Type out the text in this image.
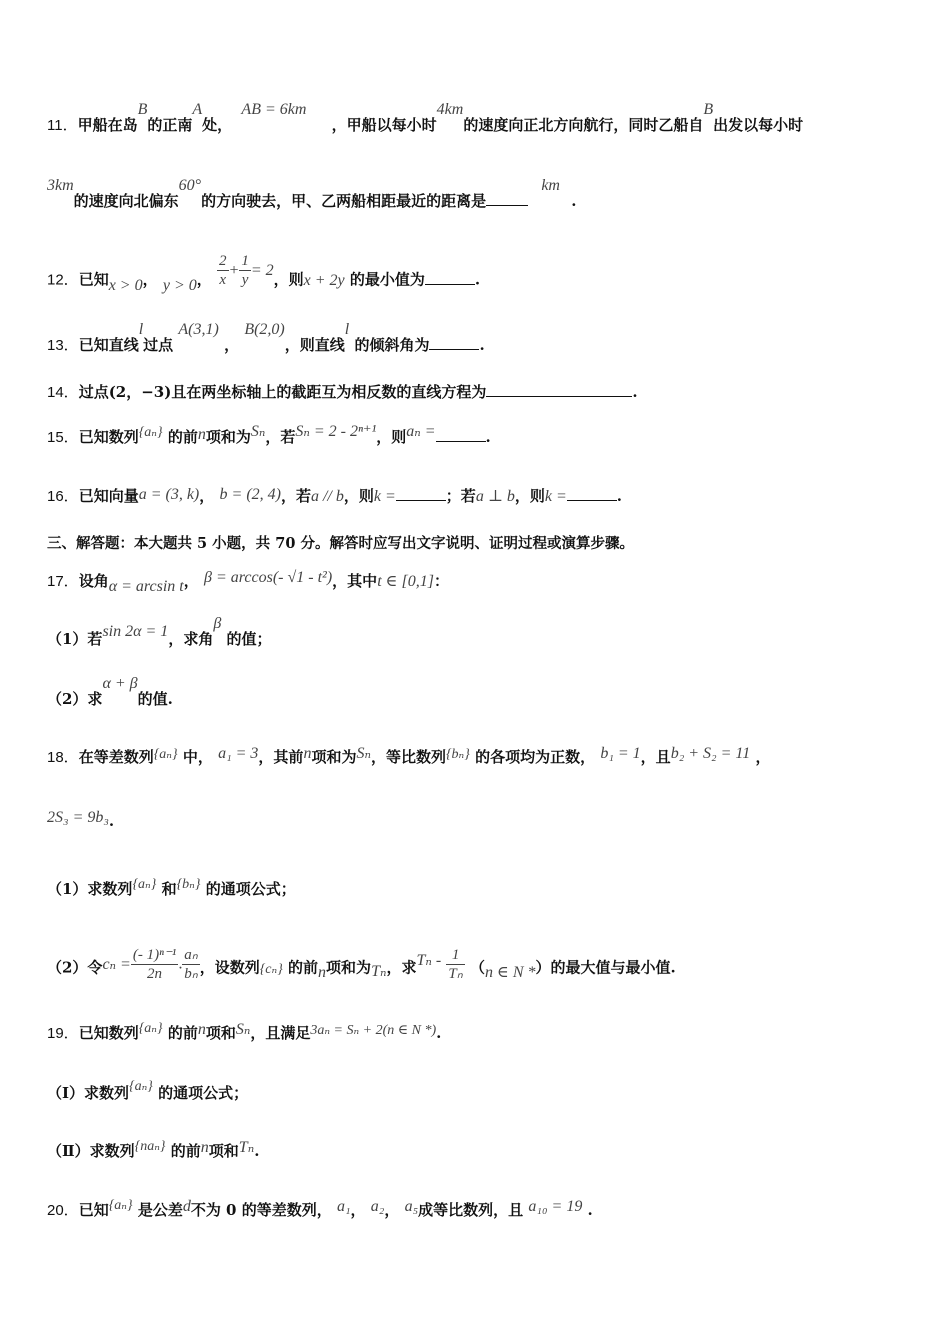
11．甲船在岛B的正南A处， AB = 6km ，甲船以每小时4km的速度向正北方向航行，同时乙船自B出发以每小时
3km的速度向北偏东60°的方向驶去，甲、乙两船相距最近的距离是 km .
12．已知x > 0， y > 0， $\frac{2}{x} + \frac{1}{y} = 2$，则x + 2y 的最小值为	.
13．已知直线l过点 A(3,1) ， B(2,0)，则直线l 的倾斜角为	.
14．过点(2，−3)且在两坐标轴上的截距互为相反数的直线方程为	.
15．已知数列{aₙ} 的前n项和为Sₙ，若Sₙ = 2 - 2ⁿ⁺¹，则aₙ =	.
16．已知向量a = (3, k)， b = (2, 4)，若a // b，则k =	；若a ⊥ b，则k =	.
三、解答题：本大题共 5 小题，共 70 分。解答时应写出文字说明、证明过程或演算步骤。
17．设角α = arcsin t， β = arccos(- √1 - t²)，其中t ∈ [0,1]：
（1）若sin 2α = 1，求角β 的值；
（2）求α + β的值.
18．在等差数列{aₙ} 中， a₁ = 3，其前n项和为Sₙ，等比数列{bₙ} 的各项均为正数， b₁ = 1，且b₂ + S₂ = 11 ，
2S₃ = 9b₃.
（1）求数列{aₙ} 和{bₙ} 的通项公式；
（2）令$c_n = \frac{\text{(- 1)ⁿ⁻¹}}{2n} \cdot \frac{\text{aₙ}}{\text{bₙ}}$ ，设数列{cₙ} 的前n项和为Tₙ，求Tₙ - $\frac{1}{\text{Tₙ}} (n$ ∈ N *）的最大值与最小值.
19．已知数列{aₙ} 的前n项和Sₙ，且满足3aₙ = Sₙ + 2(n ∈ N *).
（Ⅰ）求数列{aₙ} 的通项公式；
（Ⅱ）求数列{naₙ} 的前n项和Tₙ.
20．已知{aₙ} 是公差d不为 0 的等差数列， a₁， a₂， a₅成等比数列，且 a₁₀ = 19 .
